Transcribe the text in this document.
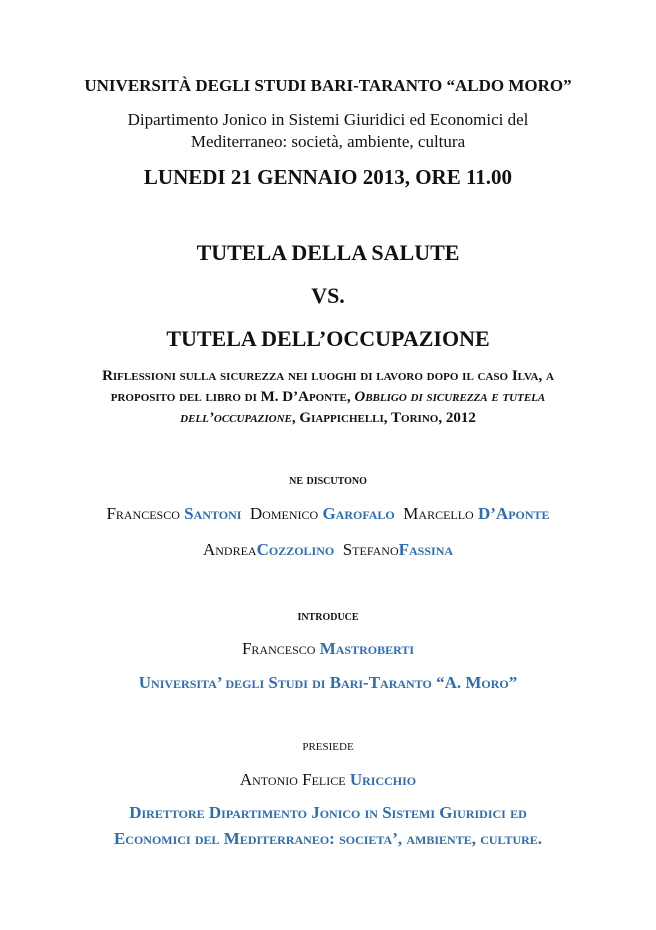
UNIVERSITÀ DEGLI STUDI BARI-TARANTO “ALDO MORO”
Dipartimento Jonico in Sistemi Giuridici ed Economici del
Mediterraneo: società, ambiente, cultura
LUNEDI 21 GENNAIO 2013, ORE 11.00
TUTELA DELLA SALUTE
VS.
TUTELA DELL’OCCUPAZIONE
Riflessioni sulla sicurezza nei luoghi di lavoro dopo il caso Ilva, a
proposito del libro di M. D’Aponte, Obbligo di sicurezza e tutela
dell’occupazione, Giappichelli, Torino, 2012
ne discutono
Francesco Santoni Domenico Garofalo Marcello D’Aponte
AndreaCozzolino StefanoFassina
introduce
Francesco Mastroberti
Universita’ degli Studi di Bari-Taranto “A. Moro”
presiede
Antonio Felice Uricchio
Direttore Dipartimento Jonico in Sistemi Giuridici ed
Economici del Mediterraneo: societa’, ambiente, culture.
